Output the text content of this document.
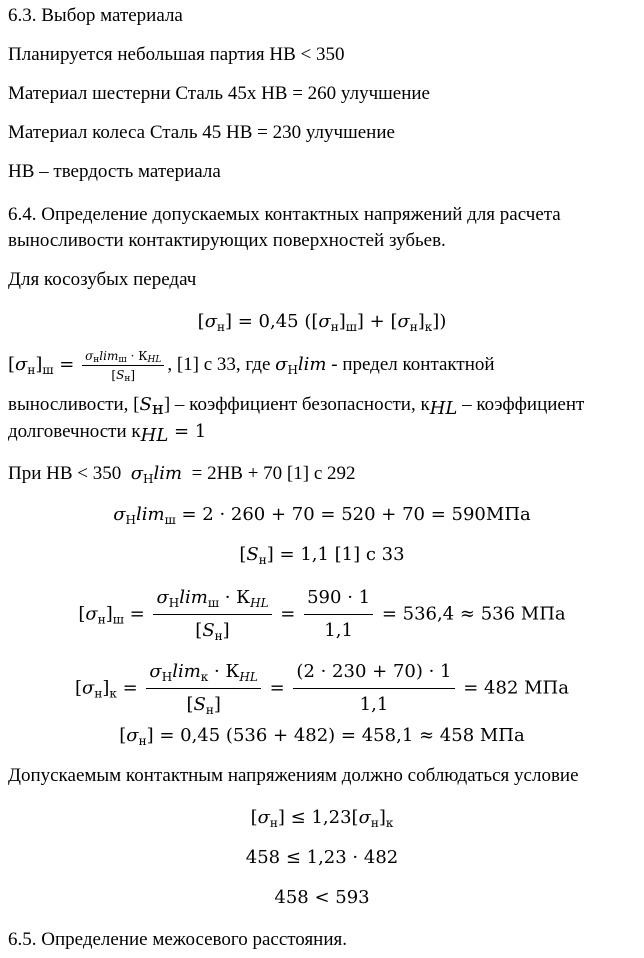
6.3. Выбор материала
Планируется небольшая партия НВ < 350
Материал шестерни Сталь 45х НВ = 260 улучшение
Материал колеса Сталь 45 НВ = 230 улучшение
НВ – твердость материала
6.4. Определение допускаемых контактных напряжений для расчета
выносливости контактирующих поверхностей зубьев.
Для косозубых передач
$[\sigma_н] = 0,45$ $([\sigma_н]_ш] + [\sigma_н]_к$])
$[\sigma_н]_ш = \frac{\sigma_н\lim_ш \cdot К_{HL}}{[S_н]}$ , [1] с 33, где $\sigma_Н\lim$ - предел контактной
выносливости, $[S_н]$ – коэффициент безопасности, $к_{HL}$ – коэффициент
долговечности $к_{HL} = 1$
При НВ < 350 $\sigma_Н\lim = 2НВ + 70$ [1] с 292
$\sigma_Н\lim_ш = 2 \cdot 260 + 70 = 520 + 70 = 590МПа$
$[S_н] = 1,1$ [1] с 33
$[\sigma_н]_ш = \frac{\sigma_Н\lim_ш \cdot К_{HL}}{[S_н]} = \frac{590 \cdot 1}{1,1} = 536,4 \approx 536$ МПа
$[\sigma_н]_к = \frac{\sigma_Н\lim_к \cdot К_{HL}}{[S_н]} = \frac{(2 \cdot 230 + 70) \cdot 1}{1,1} = 482$ МПа
$[\sigma_н] = 0,45$ (536 + 482) = 458,1 ≈ 458 МПа
Допускаемым контактным напряжениям должно соблюдаться условие
$[\sigma_н] \le 1,23[\sigma_н]_к$
458 ≤ 1,23 · 482
458 < 593
6.5. Определение межосевого расстояния.
